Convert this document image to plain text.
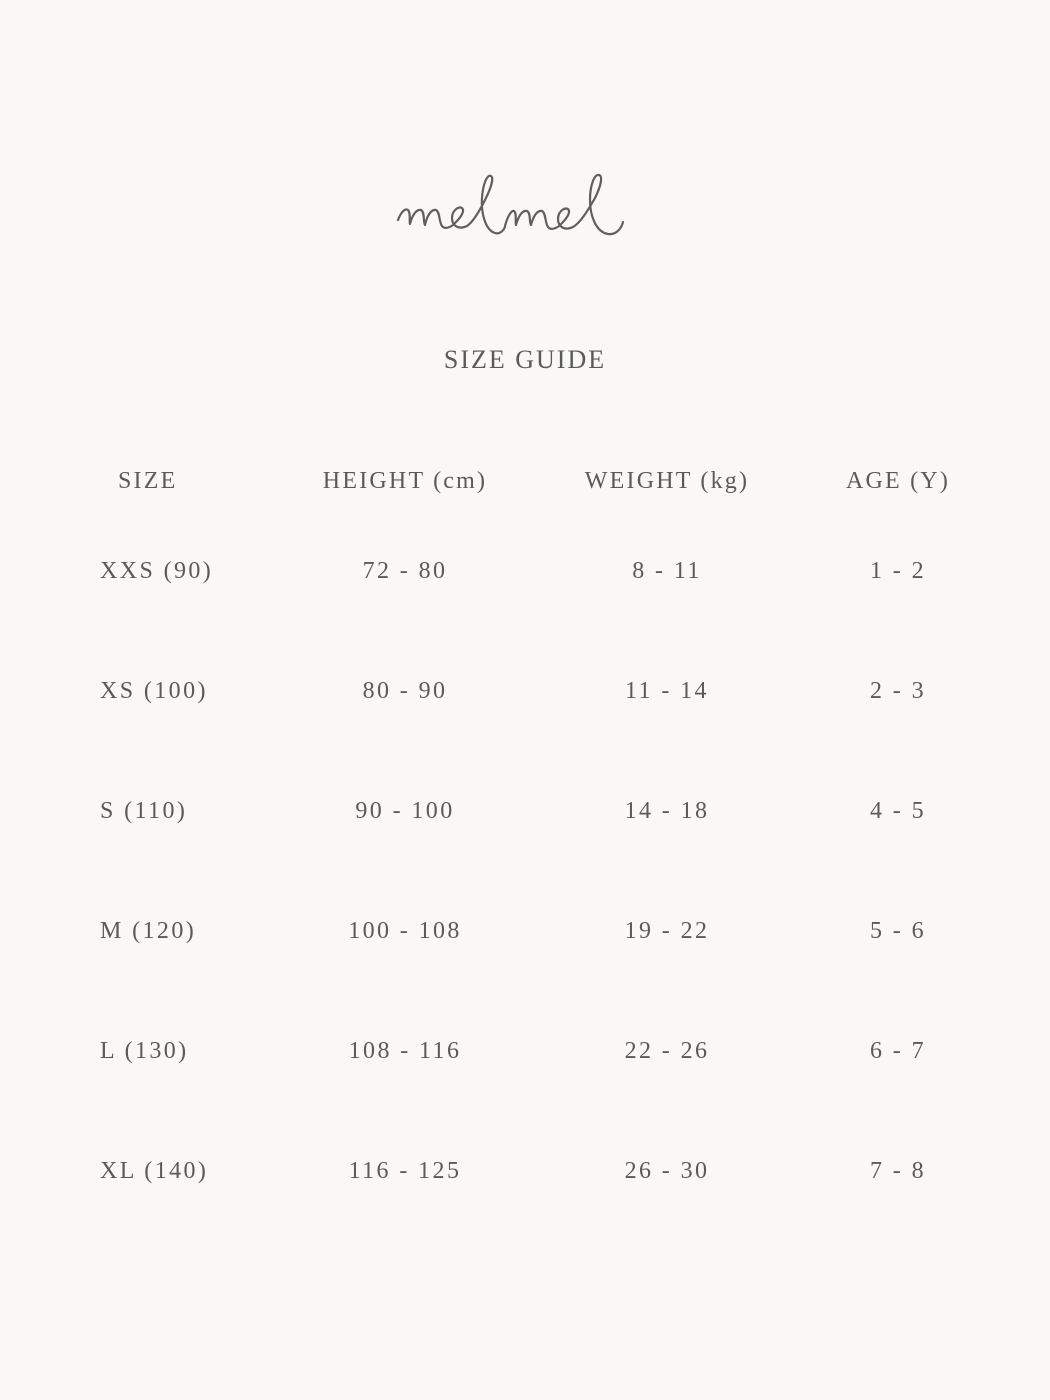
SIZE GUIDE
SIZE	HEIGHT (cm)	WEIGHT (kg)	AGE (Y)
XXS (90)	72 - 80	8 - 11	1 - 2
XS (100)	80 - 90	11 - 14	2 - 3
S (110)	90 - 100	14 - 18	4 - 5
M (120)	100 - 108	19 - 22	5 - 6
L (130)	108 - 116	22 - 26	6 - 7
XL (140)	116 - 125	26 - 30	7 - 8
